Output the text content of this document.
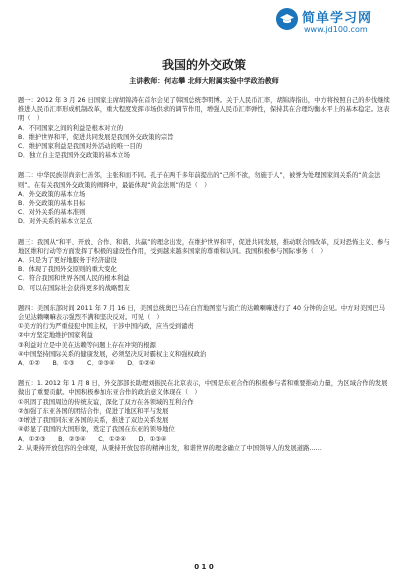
简单学习网
www.jd100.com
我国的外交政策
主讲教师：何志攀 北师大附属实验中学政治教师

题一：2012 年 3 月 26 日国家主席胡锦涛在首尔会见了韩国总统李明博。关于人民币汇率，胡锦涛指出，中方将按照自己的步伐继续推进人民币汇率形成机制改革，重大程度发挥市场供求的调节作用，增强人民币汇率弹性，保持其在合理均衡水平上的基本稳定。这表明（　）

A．不同国家之间的利益是根本对立的

B．维护世界和平，促进共同发展是我国外交政策的宗旨

C．维护国家利益是我国对外活动的唯一目的

D．独立自主是我国外交政策的基本立场

题二：中华民族崇尚亲仁善邻，主张和而不同。孔子在两千多年前提出的“己所不欲，勿施于人”，被誉为处理国家间关系的“黄金法则”。在有关我国外交政策的阐释中，最能体现“黄金法则”的是（　）

A．外交政策的基本立场

B．外交政策的基本目标

C．对外关系的基本准则

D．对外关系的基本立足点

题三：我国从“和平、开放、合作、和谐、共赢”的理念出发，在维护世界和平，促进共同发展，推动联合国改革，反对恐怖主义、参与地区维和行动等方面发挥了积极的建设性作用，受到越来越多国家的尊重和认同。我国积极参与国际事务（　）

A．只是为了更好地服务于经济建设

B．体现了我国外交原则的重大变化

C．符合我国和世界各国人民的根本利益

D．可以在国际社会获得更多的战略盟友

题四：美国东部时间 2011 年 7 月 16 日，美国总统奥巴马在白宫地图室与流亡的达赖喇嘛进行了 40 分钟的会见。中方对美国巴马会见达赖喇嘛表示强烈不满和坚决反对。可见（　）

①美方的行为严重侵犯中国主权，干涉中国内政，应当受到谴责

②中方坚定地维护国家利益

③利益对立是中美在达赖等问题上存在冲突的根源

④中国坚持国际关系的健康发展，必须坚决反对霸权主义和强权政治

A．①②　　B．①③　　C．②③④　　D．①②④

题五：1. 2012 年 1 月 8 日，外交部部长助理刘振民在北京表示，中国是东亚合作的积极参与者和重要推动力量，为区域合作的发展做出了重要贡献。中国积极参加东亚合作的政治意义体现在（　）

①巩固了我国周边的传统友谊，深化了双方在各领域的互利合作

②加强了东亚各国的团结合作，促进了地区和平与发展

③增进了我国同东亚各国的关系，推进了双边关系发展

④彰显了我国的大国形象，奠定了我国在东亚的领导地位

A．①②③　　B．②③④　　C．①②④　　D．①③④

2. 从秉持开放包容的全球观，从秉持开放包容的精神出发，和谐世界的理念确立了中国领导人的发展道路……

0 1 0
